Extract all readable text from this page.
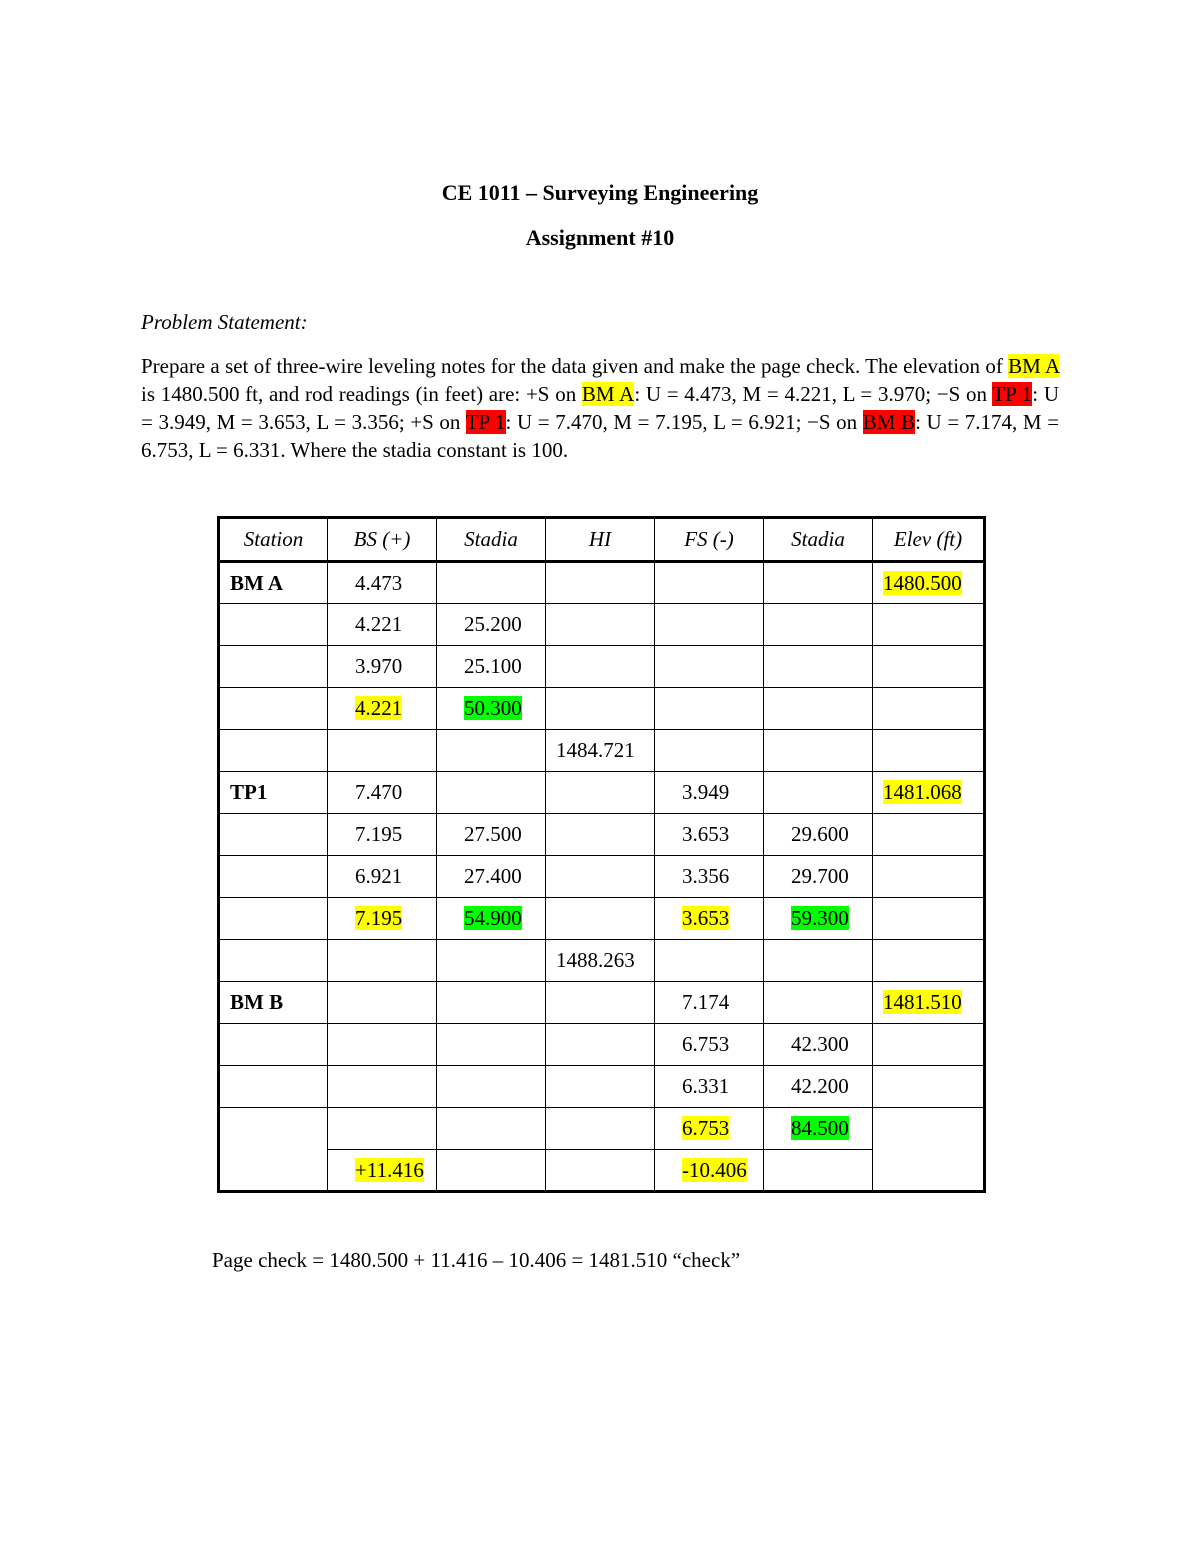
CE 1011 – Surveying Engineering
Assignment #10
Problem Statement:
Prepare a set of three-wire leveling notes for the data given and make the page check. The elevation of BM A is 1480.500 ft, and rod readings (in feet) are: +S on BM A: U = 4.473, M = 4.221, L = 3.970; −S on TP 1: U = 3.949, M = 3.653, L = 3.356; +S on TP 1: U = 7.470, M = 7.195, L = 6.921; −S on BM B: U = 7.174, M = 6.753, L = 6.331. Where the stadia constant is 100.
Station	BS (+)	Stadia	HI	FS (-)	Stadia	Elev (ft)
BM A	4.473					1480.500
	4.221	25.200				
	3.970	25.100				
	4.221	50.300				
			1484.721			
TP1	7.470			3.949		1481.068
	7.195	27.500		3.653	29.600	
	6.921	27.400		3.356	29.700	
	7.195	54.900		3.653	59.300	
			1488.263			
BM B				7.174		1481.510
				6.753	42.300	
				6.331	42.200	
				6.753	84.500	
	+11.416			-10.406		
Page check = 1480.500 + 11.416 – 10.406 = 1481.510 “check”
